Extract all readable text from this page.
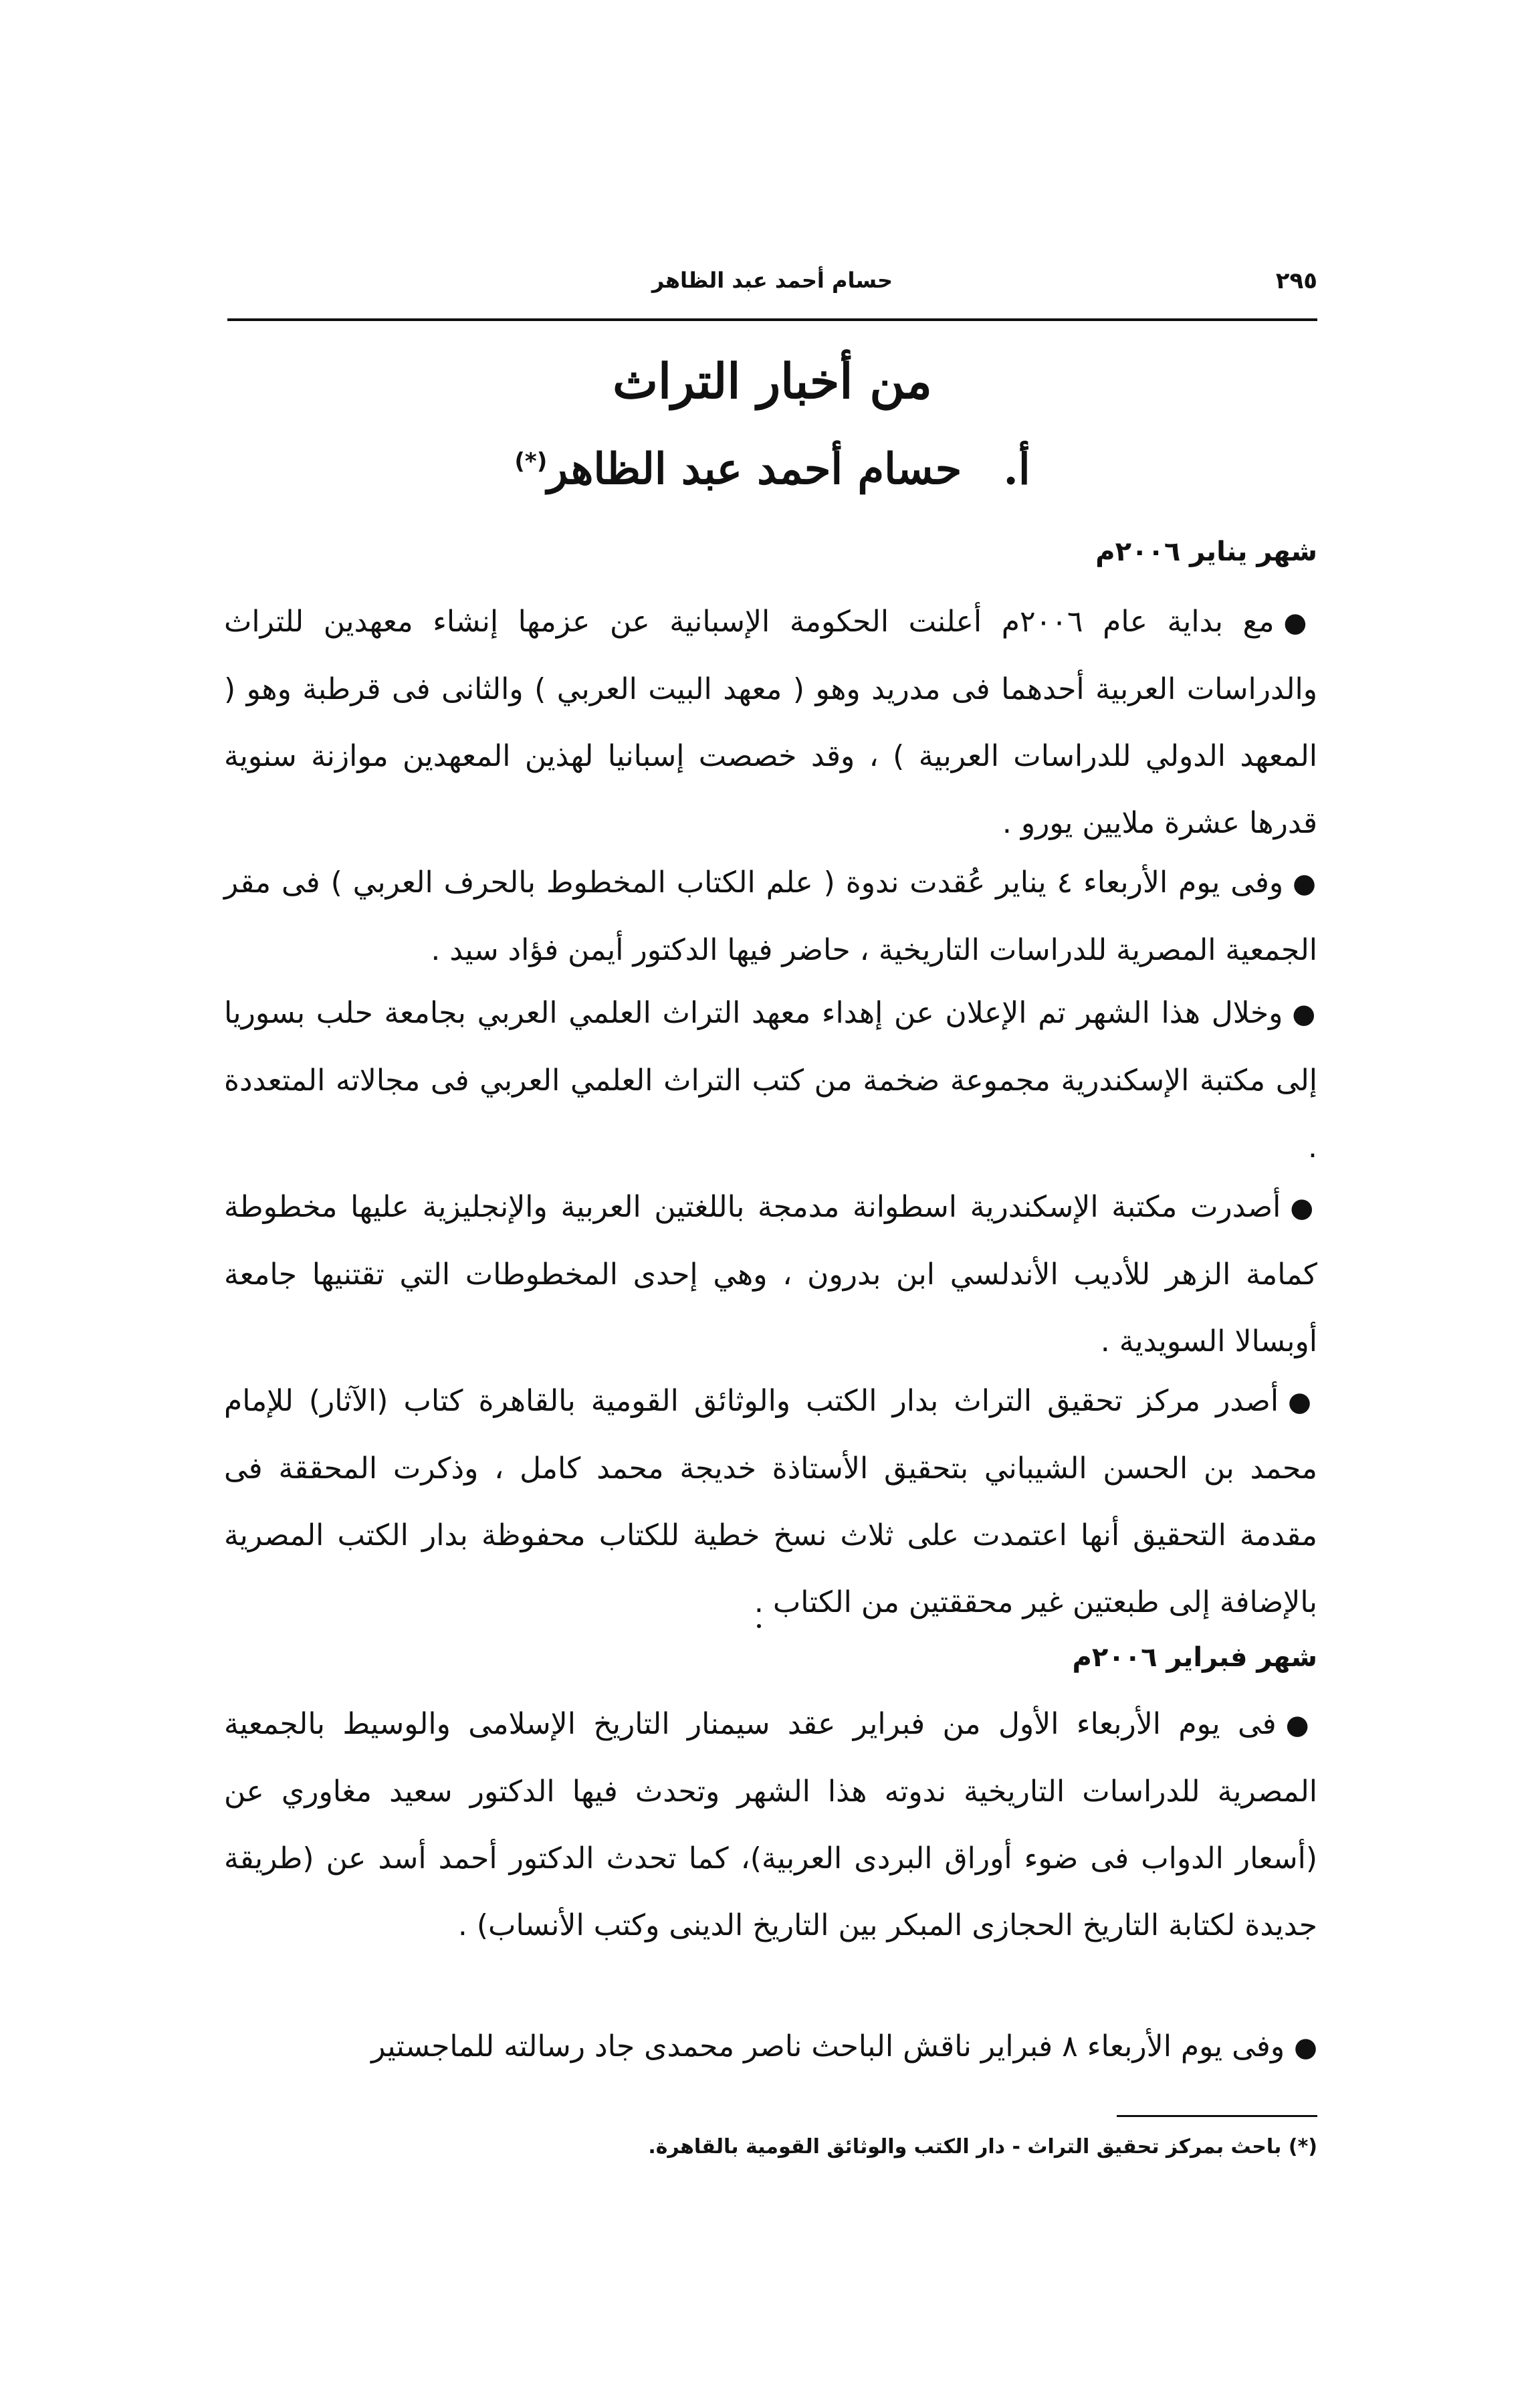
٢٩٥
حسام أحمد عبد الظاهر
من أخبار التراث
أ. حسام أحمد عبد الظاهر(*)
شهر يناير ٢٠٠٦م
●مع بداية عام ٢٠٠٦م أعلنت الحكومة الإسبانية عن عزمها إنشاء معهدين للتراث والدراسات العربية أحدهما فى مدريد وهو ( معهد البيت العربي ) والثانى فى قرطبة وهو ( المعهد الدولي للدراسات العربية ) ، وقد خصصت إسبانيا لهذين المعهدين موازنة سنوية قدرها عشرة ملايين يورو .
●وفى يوم الأربعاء ٤ يناير عُقدت ندوة ( علم الكتاب المخطوط بالحرف العربي ) فى مقر الجمعية المصرية للدراسات التاريخية ، حاضر فيها الدكتور أيمن فؤاد سيد .
●وخلال هذا الشهر تم الإعلان عن إهداء معهد التراث العلمي العربي بجامعة حلب بسوريا إلى مكتبة الإسكندرية مجموعة ضخمة من كتب التراث العلمي العربي فى مجالاته المتعددة .
●أصدرت مكتبة الإسكندرية اسطوانة مدمجة باللغتين العربية والإنجليزية عليها مخطوطة كمامة الزهر للأديب الأندلسي ابن بدرون ، وهي إحدى المخطوطات التي تقتنيها جامعة أوبسالا السويدية .
●أصدر مركز تحقيق التراث بدار الكتب والوثائق القومية بالقاهرة كتاب (الآثار) للإمام محمد بن الحسن الشيباني بتحقيق الأستاذة خديجة محمد كامل ، وذكرت المحققة فى مقدمة التحقيق أنها اعتمدت على ثلاث نسخ خطية للكتاب محفوظة بدار الكتب المصرية بالإضافة إلى طبعتين غير محققتين من الكتاب .
شهر فبراير ٢٠٠٦م
●فى يوم الأربعاء الأول من فبراير عقد سيمنار التاريخ الإسلامى والوسيط بالجمعية المصرية للدراسات التاريخية ندوته هذا الشهر وتحدث فيها الدكتور سعيد مغاوري عن (أسعار الدواب فى ضوء أوراق البردى العربية)، كما تحدث الدكتور أحمد أسد عن (طريقة جديدة لكتابة التاريخ الحجازى المبكر بين التاريخ الدينى وكتب الأنساب) .
●وفى يوم الأربعاء ٨ فبراير ناقش الباحث ناصر محمدى جاد رسالته للماجستير
(*) باحث بمركز تحقيق التراث - دار الكتب والوثائق القومية بالقاهرة.
